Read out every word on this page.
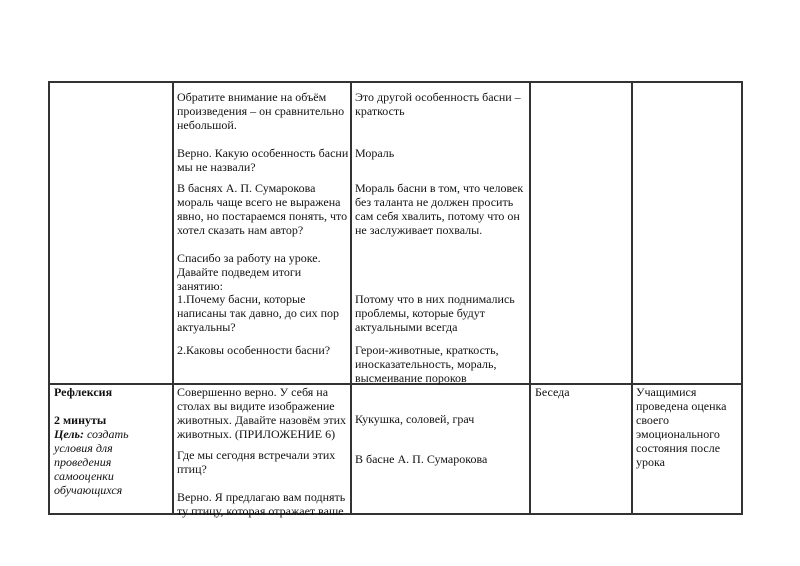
Обратите внимание на объём
произведения – он сравнительно
небольшой.
Верно. Какую особенность басни
мы не назвали?
В баснях А. П. Сумарокова
мораль чаще всего не выражена
явно, но постараемся понять, что
хотел сказать нам автор?
Спасибо за работу на уроке.
Давайте подведем итоги занятию:
1.Почему басни, которые
написаны так давно, до сих пор
актуальны?
2.Каковы особенности басни?
Это другой особенность басни –
краткость
Мораль
Мораль басни в том, что человек
без таланта не должен просить
сам себя хвалить, потому что он
не заслуживает похвалы.
Потому что в них поднимались
проблемы, которые будут
актуальными всегда
Герои-животные, краткость,
иносказательность, мораль,
высмеивание пороков
Рефлексия
2 минуты
Цель: создать
условия для
проведения самооценки
обучающихся
Совершенно верно. У себя на
столах вы видите изображение
животных. Давайте назовём этих
животных. (ПРИЛОЖЕНИЕ 6)
Где мы сегодня встречали этих
птиц?
Верно. Я предлагаю вам поднять
ту птицу, которая отражает ваше
Кукушка, соловей, грач
В басне А. П. Сумарокова
Беседа	Учащимися
проведена оценка
своего
эмоционального
состояния после
урока
